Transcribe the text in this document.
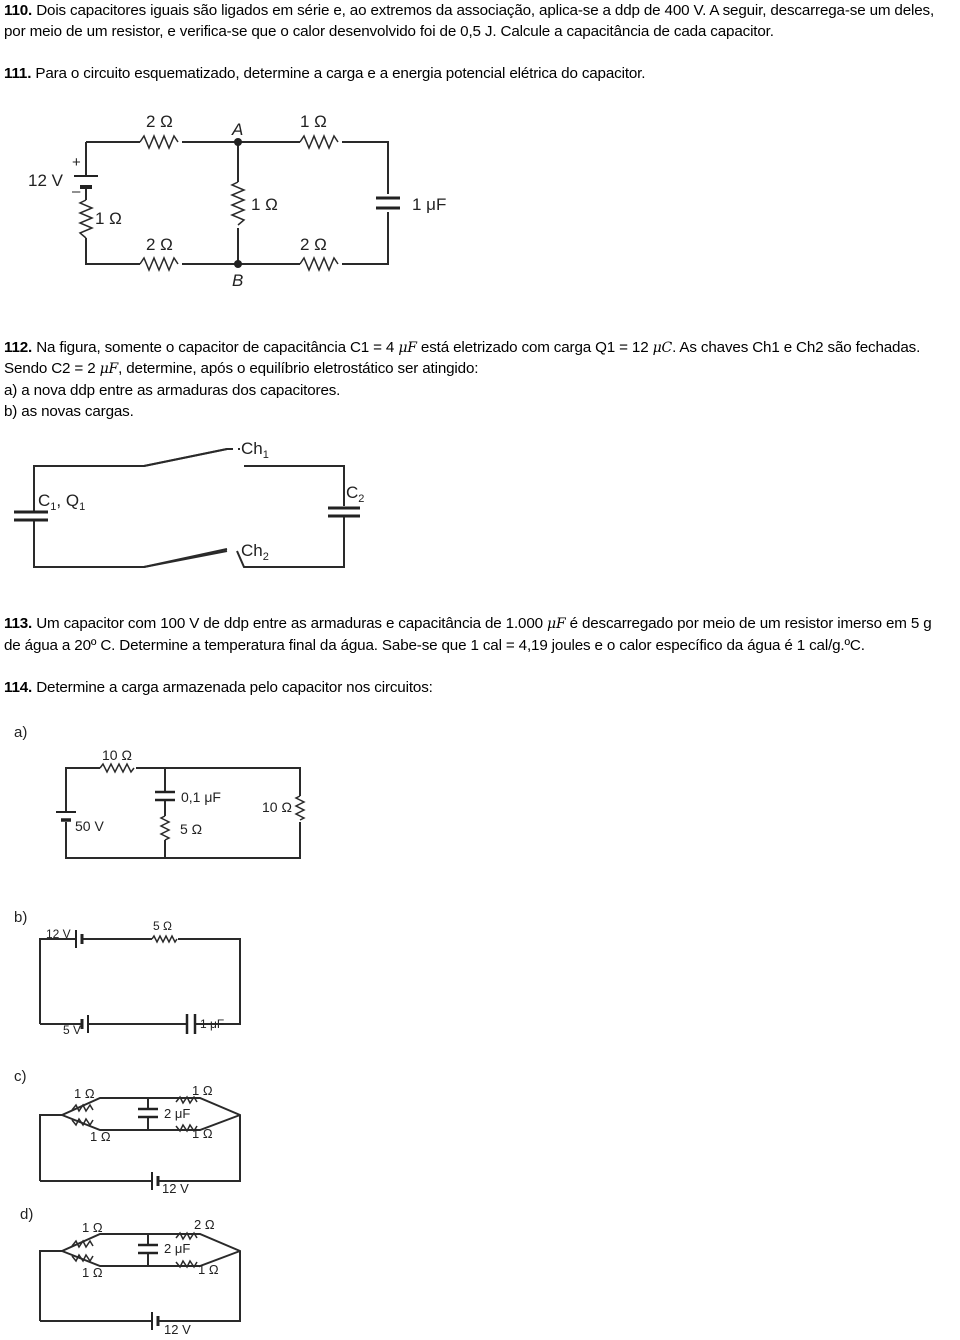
110. Dois capacitores iguais são ligados em série e, ao extremos da associação, aplica-se a ddp de 400 V. A seguir, descarrega-se um deles,
por meio de um resistor, e verifica-se que o calor desenvolvido foi de 0,5 J. Calcule a capacitância de cada capacitor.
111. Para o circuito esquematizado, determine a carga e a energia potencial elétrica do capacitor.
112. Na figura, somente o capacitor de capacitância C1 = 4 μF está eletrizado com carga Q1 = 12 μC. As chaves Ch1 e Ch2 são fechadas.
Sendo C2 = 2 μF, determine, após o equilíbrio eletrostático ser atingido:
a) a nova ddp entre as armaduras dos capacitores.
b) as novas cargas.
113. Um capacitor com 100 V de ddp entre as armaduras e capacitância de 1.000 μF é descarregado por meio de um resistor imerso em 5 g
de água a 20º C. Determine a temperatura final da água. Sabe-se que 1 cal = 4,19 joules e o calor específico da água é 1 cal/g.ºC.
114. Determine a carga armazenada pelo capacitor nos circuitos:
2 Ω	1 Ω
A
B
12 V
+
–
1 Ω
1 Ω	1 μF
2 Ω	2 Ω
$Ch_1$
$C_1$, $Q_1$
$C_2$
$Ch_2$
a)
10 Ω
0,1 μF
5 Ω
10 Ω
50 V
b)
12 V
5 Ω
5 V	1 μF
c)
1 Ω	1 Ω
2 μF
1 Ω	1 Ω
12 V
d)
1 Ω	2 Ω
2 μF
1 Ω	1 Ω
12 V
